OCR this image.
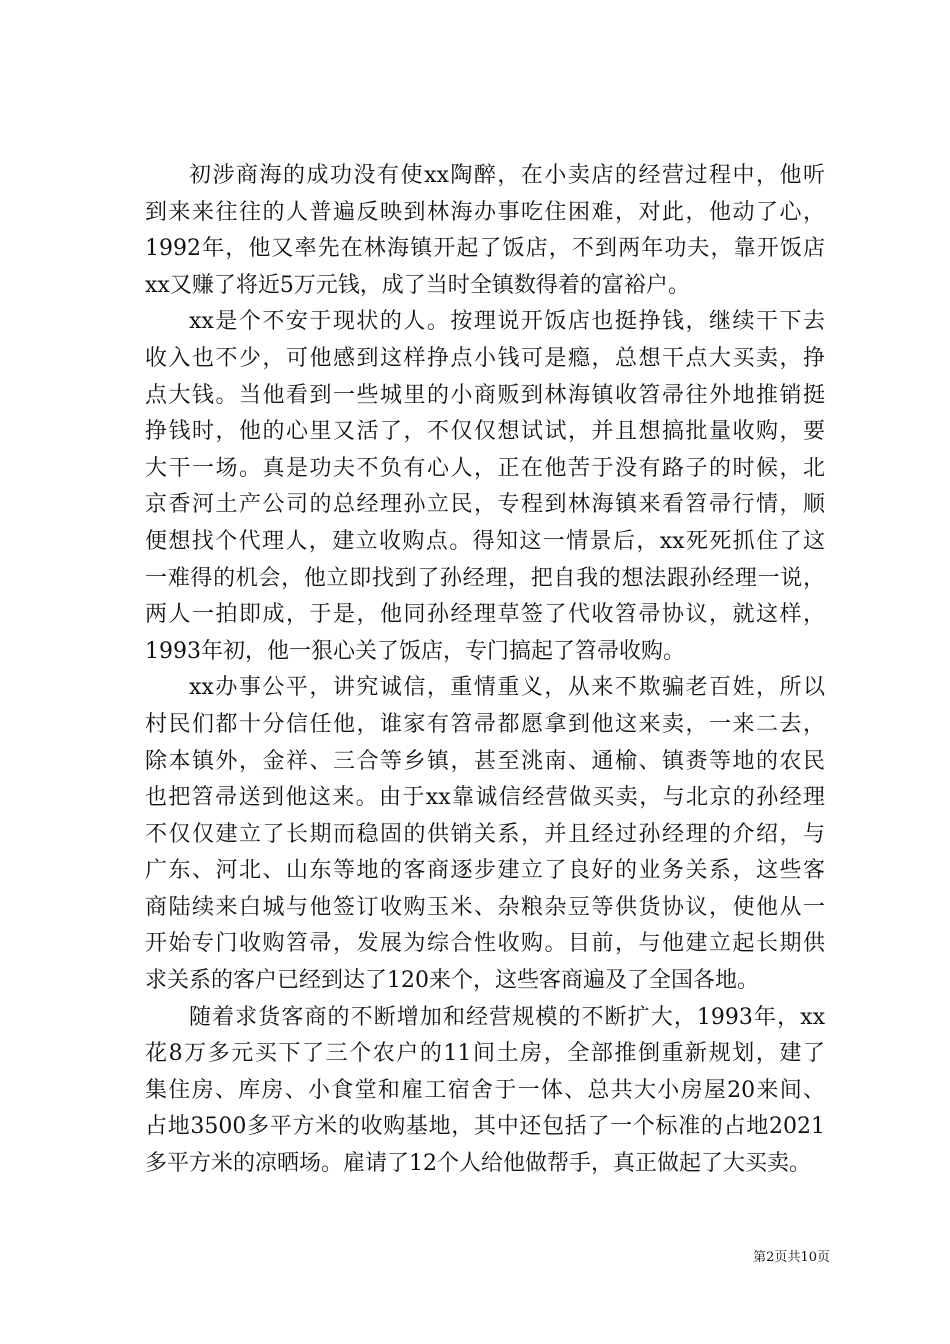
初涉商海的成功没有使xx陶醉，在小卖店的经营过程中，他听
到来来往往的人普遍反映到林海办事吃住困难，对此，他动了心，
1992年，他又率先在林海镇开起了饭店，不到两年功夫，靠开饭店
xx又赚了将近5万元钱，成了当时全镇数得着的富裕户。
xx是个不安于现状的人。按理说开饭店也挺挣钱，继续干下去
收入也不少，可他感到这样挣点小钱可是瘾，总想干点大买卖，挣
点大钱。当他看到一些城里的小商贩到林海镇收笤帚往外地推销挺
挣钱时，他的心里又活了，不仅仅想试试，并且想搞批量收购，要
大干一场。真是功夫不负有心人，正在他苦于没有路子的时候，北
京香河土产公司的总经理孙立民，专程到林海镇来看笤帚行情，顺
便想找个代理人，建立收购点。得知这一情景后，xx死死抓住了这
一难得的机会，他立即找到了孙经理，把自我的想法跟孙经理一说，
两人一拍即成，于是，他同孙经理草签了代收笤帚协议，就这样，
1993年初，他一狠心关了饭店，专门搞起了笤帚收购。
xx办事公平，讲究诚信，重情重义，从来不欺骗老百姓，所以
村民们都十分信任他，谁家有笤帚都愿拿到他这来卖，一来二去，
除本镇外，金祥、三合等乡镇，甚至洮南、通榆、镇赉等地的农民
也把笤帚送到他这来。由于xx靠诚信经营做买卖，与北京的孙经理
不仅仅建立了长期而稳固的供销关系，并且经过孙经理的介绍，与
广东、河北、山东等地的客商逐步建立了良好的业务关系，这些客
商陆续来白城与他签订收购玉米、杂粮杂豆等供货协议，使他从一
开始专门收购笤帚，发展为综合性收购。目前，与他建立起长期供
求关系的客户已经到达了120来个，这些客商遍及了全国各地。
随着求货客商的不断增加和经营规模的不断扩大，1993年，xx
花8万多元买下了三个农户的11间土房，全部推倒重新规划，建了
集住房、库房、小食堂和雇工宿舍于一体、总共大小房屋20来间、
占地3500多平方米的收购基地，其中还包括了一个标准的占地2021
多平方米的凉晒场。雇请了12个人给他做帮手，真正做起了大买卖。
第2页共10页
